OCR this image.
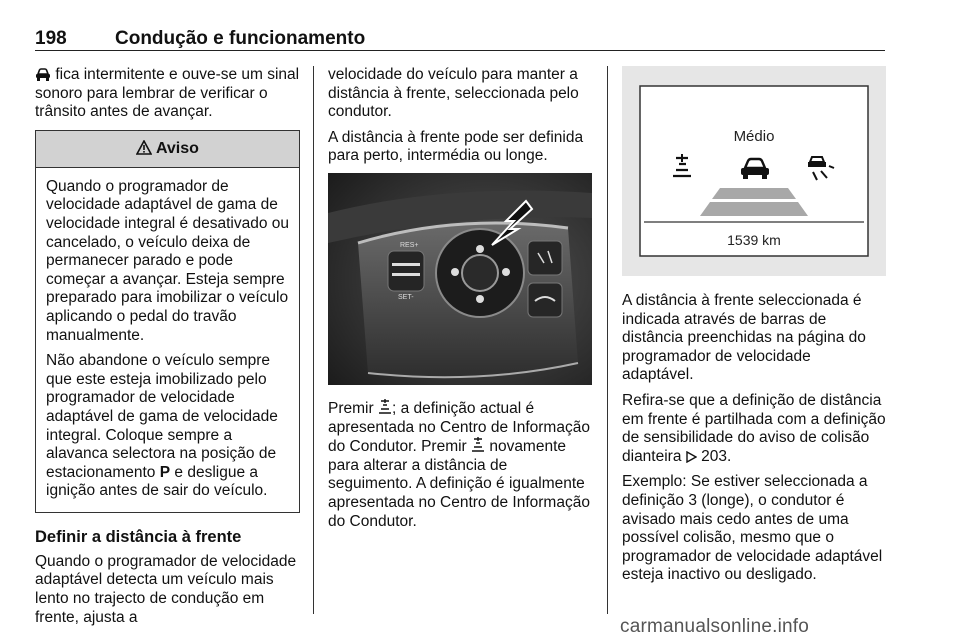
198	Condução e funcionamento

fica intermitente e ouve-se um sinal sonoro para lembrar de verificar o trânsito antes de avançar.

Aviso

Quando o programador de velocidade adaptável de gama de velocidade integral é desativado ou cancelado, o veículo deixa de permanecer parado e pode começar a avançar. Esteja sempre preparado para imobilizar o veículo aplicando o pedal do travão manualmente.

Não abandone o veículo sempre que este esteja imobilizado pelo programador de velocidade adaptável de gama de velocidade integral. Coloque sempre a alavanca selectora na posição de estacionamento P e desligue a ignição antes de sair do veículo.

Definir a distância à frente

Quando o programador de velocidade adaptável detecta um veículo mais lento no trajecto de condução em frente, ajusta a

velocidade do veículo para manter a distância à frente, seleccionada pelo condutor.

A distância à frente pode ser definida para perto, intermédia ou longe.

RES+
SET-

Premir ; a definição actual é apresentada no Centro de Informação do Condutor. Premir  novamente para alterar a distância de seguimento. A definição é igualmente apresentada no Centro de Informação do Condutor.

Médio
1539 km

A distância à frente seleccionada é indicada através de barras de distância preenchidas na página do programador de velocidade adaptável.

Refira-se que a definição de distância em frente é partilhada com a definição de sensibilidade do aviso de colisão dianteira  203.

Exemplo: Se estiver seleccionada a definição 3 (longe), o condutor é avisado mais cedo antes de uma possível colisão, mesmo que o programador de velocidade adaptável esteja inactivo ou desligado.

carmanualsonline.info
